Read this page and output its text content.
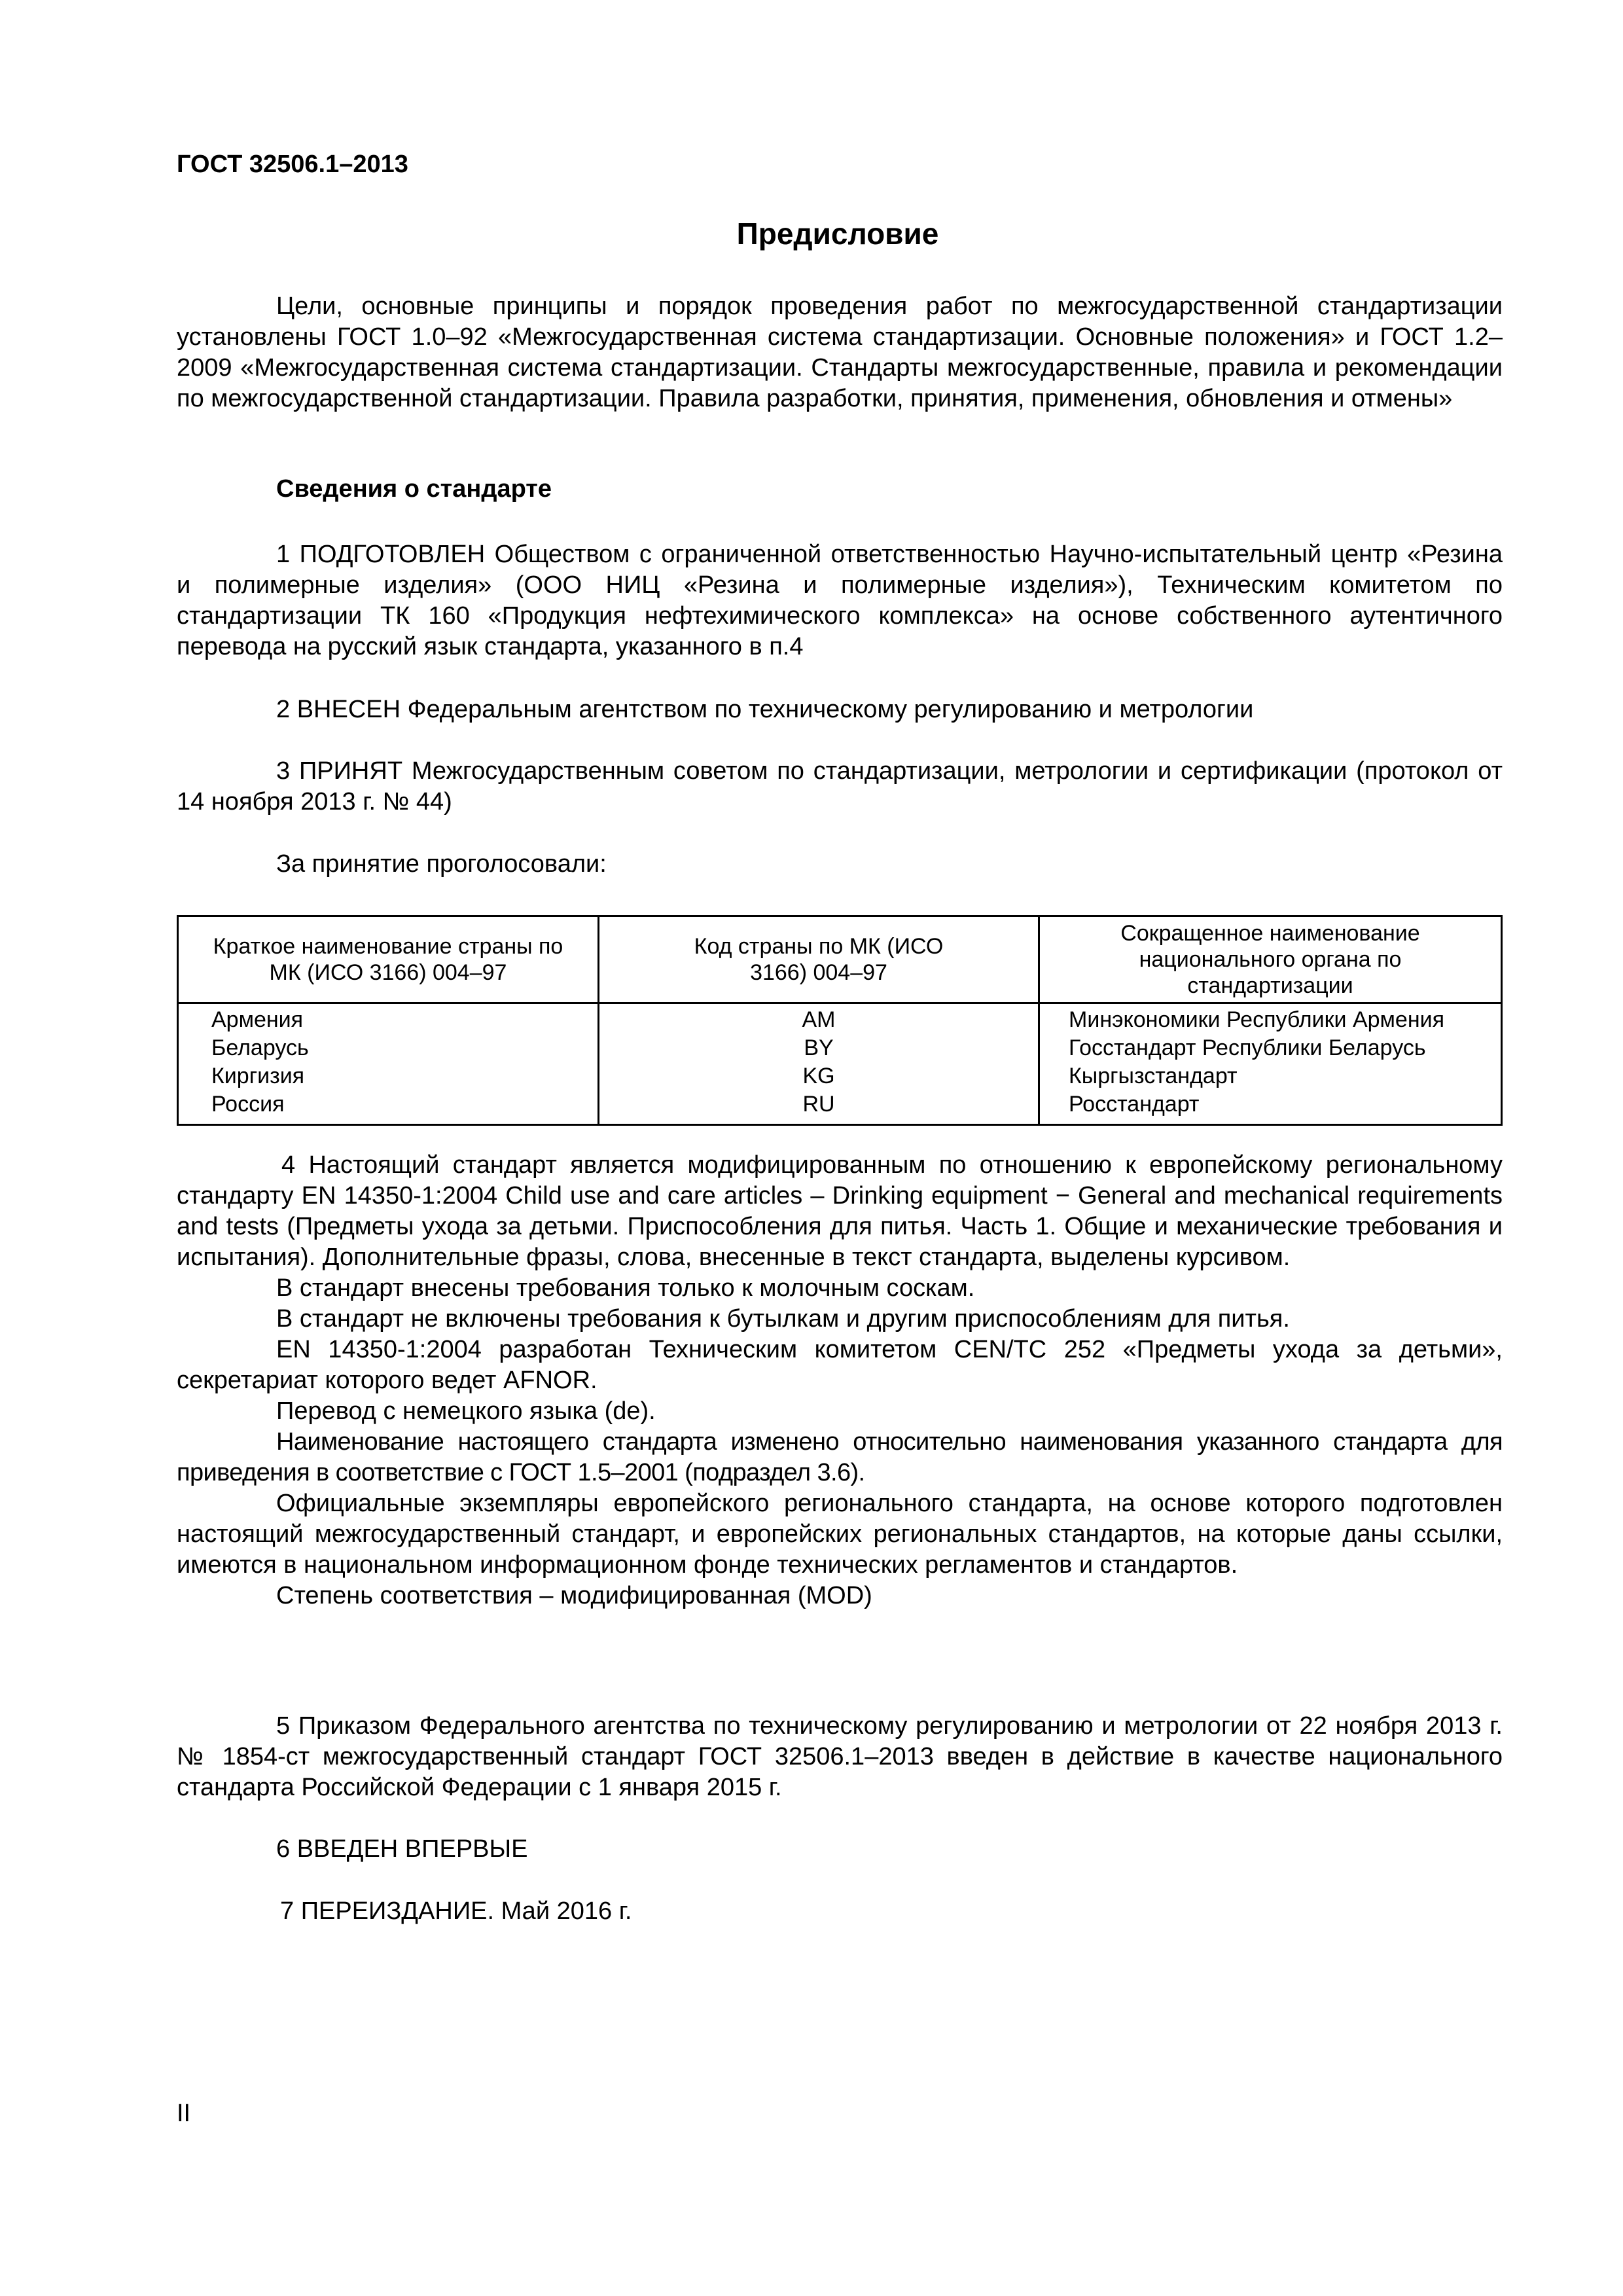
ГОСТ 32506.1–2013
Предисловие
Цели, основные принципы и порядок проведения работ по межгосударственной стандартизации установлены ГОСТ 1.0–92 «Межгосударственная система стандартизации. Основные положения» и ГОСТ 1.2–2009 «Межгосударственная система стандартизации. Стандарты межгосударственные, правила и рекомендации по межгосударственной стандартизации. Правила разработки, принятия, применения, обновления и отмены»
Сведения о стандарте
1 ПОДГОТОВЛЕН Обществом с ограниченной ответственностью Научно-испытательный центр «Резина и полимерные изделия» (ООО НИЦ «Резина и полимерные изделия»), Техническим комитетом по стандартизации ТК 160 «Продукция нефтехимического комплекса» на основе собственного аутентичного перевода на русский язык стандарта, указанного в п.4
2 ВНЕСЕН Федеральным агентством по техническому регулированию и метрологии
3 ПРИНЯТ Межгосударственным советом по стандартизации, метрологии и сертификации (протокол от 14 ноября 2013 г. № 44)
За принятие проголосовали:
Краткое наименование страны по МК (ИСО 3166) 004–97
Код страны по МК (ИСО 3166) 004–97
Сокращенное наименование национального органа по стандартизации
Армения
Беларусь
Киргизия
Россия
AM
BY
KG
RU
Минэкономики Республики Армения
Госстандарт Республики Беларусь
Кыргызстандарт
Росстандарт
4 Настоящий стандарт является модифицированным по отношению к европейскому региональному стандарту EN 14350-1:2004 Child use and care articles – Drinking equipment − General and mechanical requirements and tests (Предметы ухода за детьми. Приспособления для питья. Часть 1. Общие и механические требования и испытания). Дополнительные фразы, слова, внесенные в текст стандарта, выделены курсивом.
В стандарт внесены требования только к молочным соскам.
В стандарт не включены требования к бутылкам и другим приспособлениям для питья.
EN 14350-1:2004 разработан Техническим комитетом CEN/TC 252 «Предметы ухода за детьми», секретариат которого ведет AFNOR.
Перевод с немецкого языка (de).
Наименование настоящего стандарта изменено относительно наименования указанного стандарта для приведения в соответствие с ГОСТ 1.5–2001 (подраздел 3.6).
Официальные экземпляры европейского регионального стандарта, на основе которого подготовлен настоящий межгосударственный стандарт, и европейских региональных стандартов, на которые даны ссылки, имеются в национальном информационном фонде технических регламентов и стандартов.
Степень соответствия – модифицированная (MOD)
5 Приказом Федерального агентства по техническому регулированию и метрологии от 22 ноября 2013 г. № 1854-ст межгосударственный стандарт ГОСТ 32506.1–2013 введен в действие в качестве национального стандарта Российской Федерации с 1 января 2015 г.
6 ВВЕДЕН ВПЕРВЫЕ
7 ПЕРЕИЗДАНИЕ. Май 2016 г.
II
